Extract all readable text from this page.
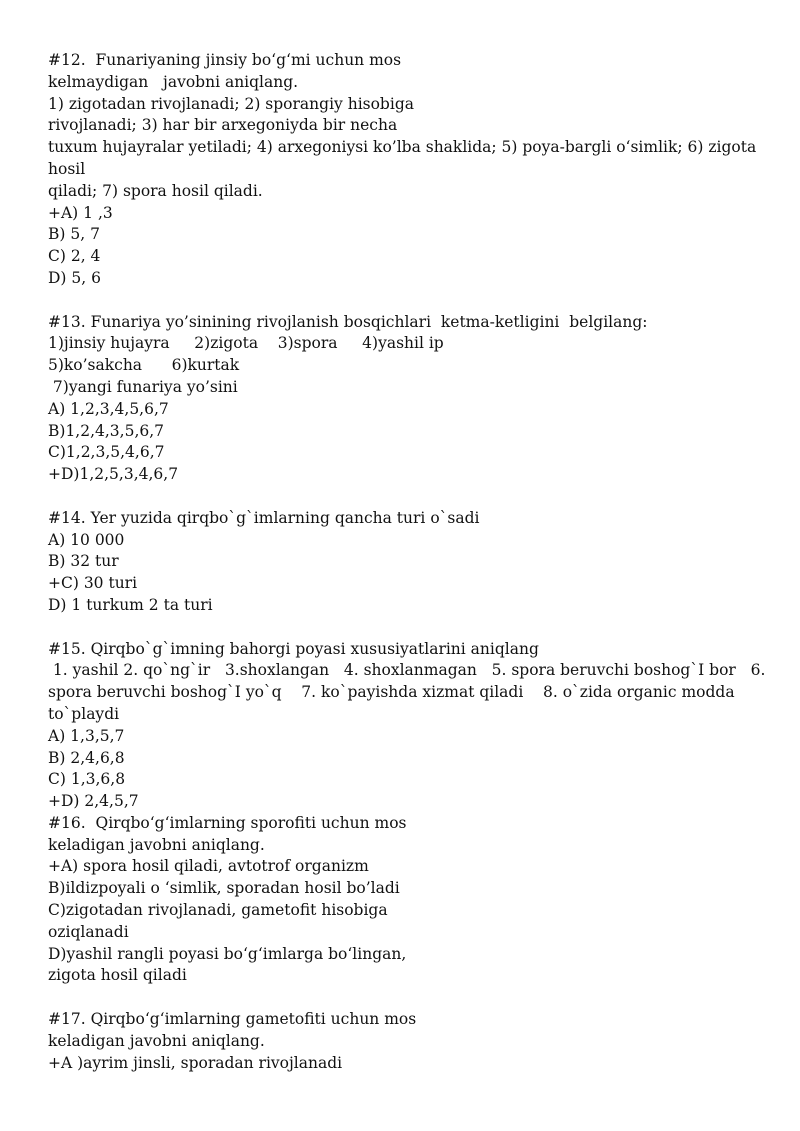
#12.  Funariyaning jinsiy bo‘g‘mi uchun mos
kelmaydigan   javobni aniqlang.
1) zigotadan rivojlanadi; 2) sporangiy hisobiga
rivojlanadi; 3) har bir arxegoniyda bir necha
tuxum hujayralar yetiladi; 4) arxegoniysi ko’lba shaklida; 5) poya-bargli o‘simlik; 6) zigota
hosil
qiladi; 7) spora hosil qiladi.
+A) 1 ,3
B) 5, 7
C) 2, 4
D) 5, 6
#13. Funariya yo’sinining rivojlanish bosqichlari  ketma-ketligini  belgilang:
1)jinsiy hujayra     2)zigota    3)spora     4)yashil ip
5)ko’sakcha      6)kurtak
7)yangi funariya yo’sini
A) 1,2,3,4,5,6,7
B)1,2,4,3,5,6,7
C)1,2,3,5,4,6,7
+D)1,2,5,3,4,6,7
#14. Yer yuzida qirqbo`g`imlarning qancha turi o`sadi
A) 10 000
B) 32 tur
+C) 30 turi
D) 1 turkum 2 ta turi
#15. Qirqbo`g`imning bahorgi poyasi xususiyatlarini aniqlang
1. yashil 2. qo`ng`ir   3.shoxlangan   4. shoxlanmagan   5. spora beruvchi boshog`I bor   6.
spora beruvchi boshog`I yo`q    7. ko`payishda xizmat qiladi    8. o`zida organic modda
to`playdi
A) 1,3,5,7
B) 2,4,6,8
C) 1,3,6,8
+D) 2,4,5,7
#16.  Qirqbo‘g‘imlarning sporofiti uchun mos
keladigan javobni aniqlang.
+A) spora hosil qiladi, avtotrof organizm
B)ildizpoyali o ‘simlik, sporadan hosil bo’ladi
C)zigotadan rivojlanadi, gametofit hisobiga
oziqlanadi
D)yashil rangli poyasi bo‘g‘imlarga bo‘lingan,
zigota hosil qiladi
#17. Qirqbo‘g‘imlarning gametofiti uchun mos
keladigan javobni aniqlang.
+A )ayrim jinsli, sporadan rivojlanadi
